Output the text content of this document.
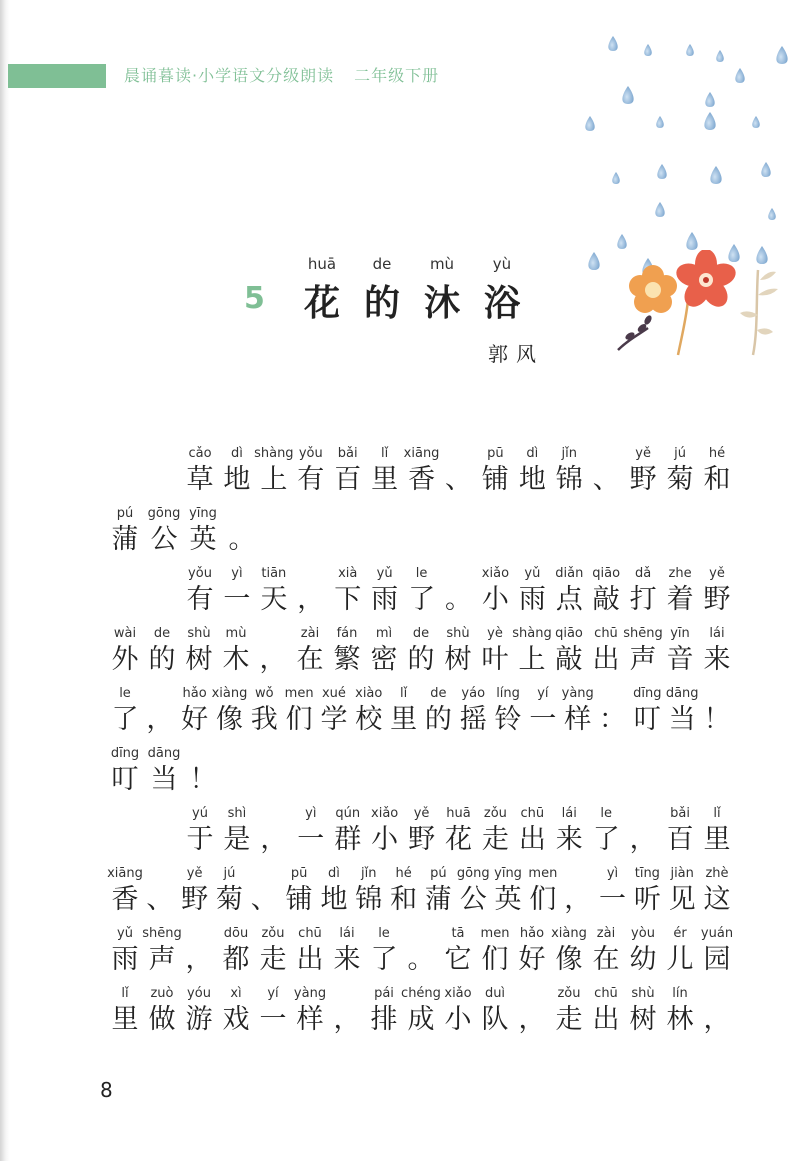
晨诵暮读·小学语文分级朗读 二年级下册
5
huā
花
de
的
mù
沐
yù
浴
郭风
cǎo
草
dì
地
shàng
上
yǒu
有
bǎi
百
lǐ
里
xiāng
香 、
pū
铺
dì
地
jǐn
锦 、
yě
野
jú
菊
hé
和
pú
蒲
gōng
公
yīng
英 。
yǒu
有
yì
一
tiān
天 ，
xià
下
yǔ
雨
le
了 。
xiǎo
小
yǔ
雨
diǎn
点
qiāo
敲
dǎ
打
zhe
着
yě
野
wài
外
de
的
shù
树
mù
木 ，
zài
在
fán
繁
mì
密
de
的
shù
树
yè
叶
shàng
上
qiāo
敲
chū
出
shēng
声
yīn
音
lái
来
le
了 ，
hǎo
好
xiàng
像
wǒ
我
men
们
xué
学
xiào
校
lǐ
里
de
的
yáo
摇
líng
铃
yí
一
yàng
样 ：
dīng
叮
dāng
当 ！
dīng
叮
dāng
当 ！
yú
于
shì
是 ，
yì
一
qún
群
xiǎo
小
yě
野
huā
花
zǒu
走
chū
出
lái
来
le
了 ，
bǎi
百
lǐ
里
xiāng
香 、
yě
野
jú
菊 、
pū
铺
dì
地
jǐn
锦
hé
和
pú
蒲
gōng
公
yīng
英
men
们 ，
yì
一
tīng
听
jiàn
见
zhè
这
yǔ
雨
shēng
声 ，
dōu
都
zǒu
走
chū
出
lái
来
le
了 。
tā
它
men
们
hǎo
好
xiàng
像
zài
在
yòu
幼
ér
儿
yuán
园
lǐ
里
zuò
做
yóu
游
xì
戏
yí
一
yàng
样 ，
pái
排
chéng
成
xiǎo
小
duì
队 ，
zǒu
走
chū
出
shù
树
lín
林 ，
8
